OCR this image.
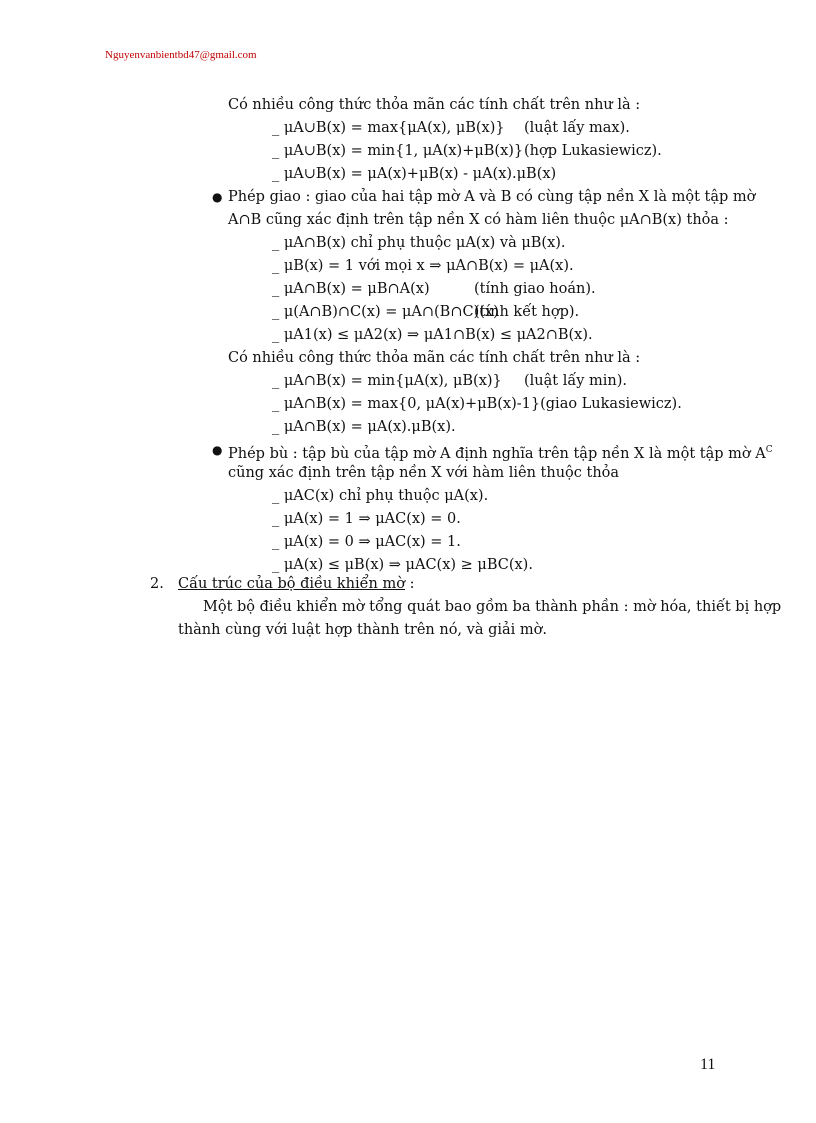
Nguyenvanbientbd47@gmail.com
Có nhiều công thức thỏa mãn các tính chất trên như là :
_ μA∪B(x) = max{μA(x), μB(x)} (luật lấy max).
_ μA∪B(x) = min{1, μA(x)+μB(x)} (hợp Lukasiewicz).
_ μA∪B(x) = μA(x)+μB(x) - μA(x).μB(x)
● Phép giao : giao của hai tập mờ A và B có cùng tập nền X là một tập mờ
A∩B cũng xác định trên tập nền X có hàm liên thuộc μA∩B(x) thỏa :
_ μA∩B(x) chỉ phụ thuộc μA(x) và μB(x).
_ μB(x) = 1 với mọi x ⇒ μA∩B(x) = μA(x).
_ μA∩B(x) = μB∩A(x)	(tính giao hoán).
_ μ(A∩B)∩C(x) = μA∩(B∩C)(x)
(tính kết hợp).
_ μA1(x) ≤ μA2(x) ⇒ μA1∩B(x) ≤ μA2∩B(x).
Có nhiều công thức thỏa mãn các tính chất trên như là :
_ μA∩B(x) = min{μA(x), μB(x)} (luật lấy min).
_ μA∩B(x) = max{0, μA(x)+μB(x)-1}(giao Lukasiewicz).
_ μA∩B(x) = μA(x).μB(x).
● Phép bù : tập bù của tập mờ A định nghĩa trên tập nền X là một tập mờ $A^C$
cũng xác định trên tập nền X với hàm liên thuộc thỏa
_ μAC(x) chỉ phụ thuộc μA(x).
_ μA(x) = 1 ⇒ μAC(x) = 0.
_ μA(x) = 0 ⇒ μAC(x) = 1.
_ μA(x) ≤ μB(x) ⇒ μAC(x) ≥ μBC(x).
2. Cấu trúc của bộ điều khiển mờ :
Một bộ điều khiển mờ tổng quát bao gồm ba thành phần : mờ hóa, thiết bị hợp
thành cùng với luật hợp thành trên nó, và giải mờ.
11
